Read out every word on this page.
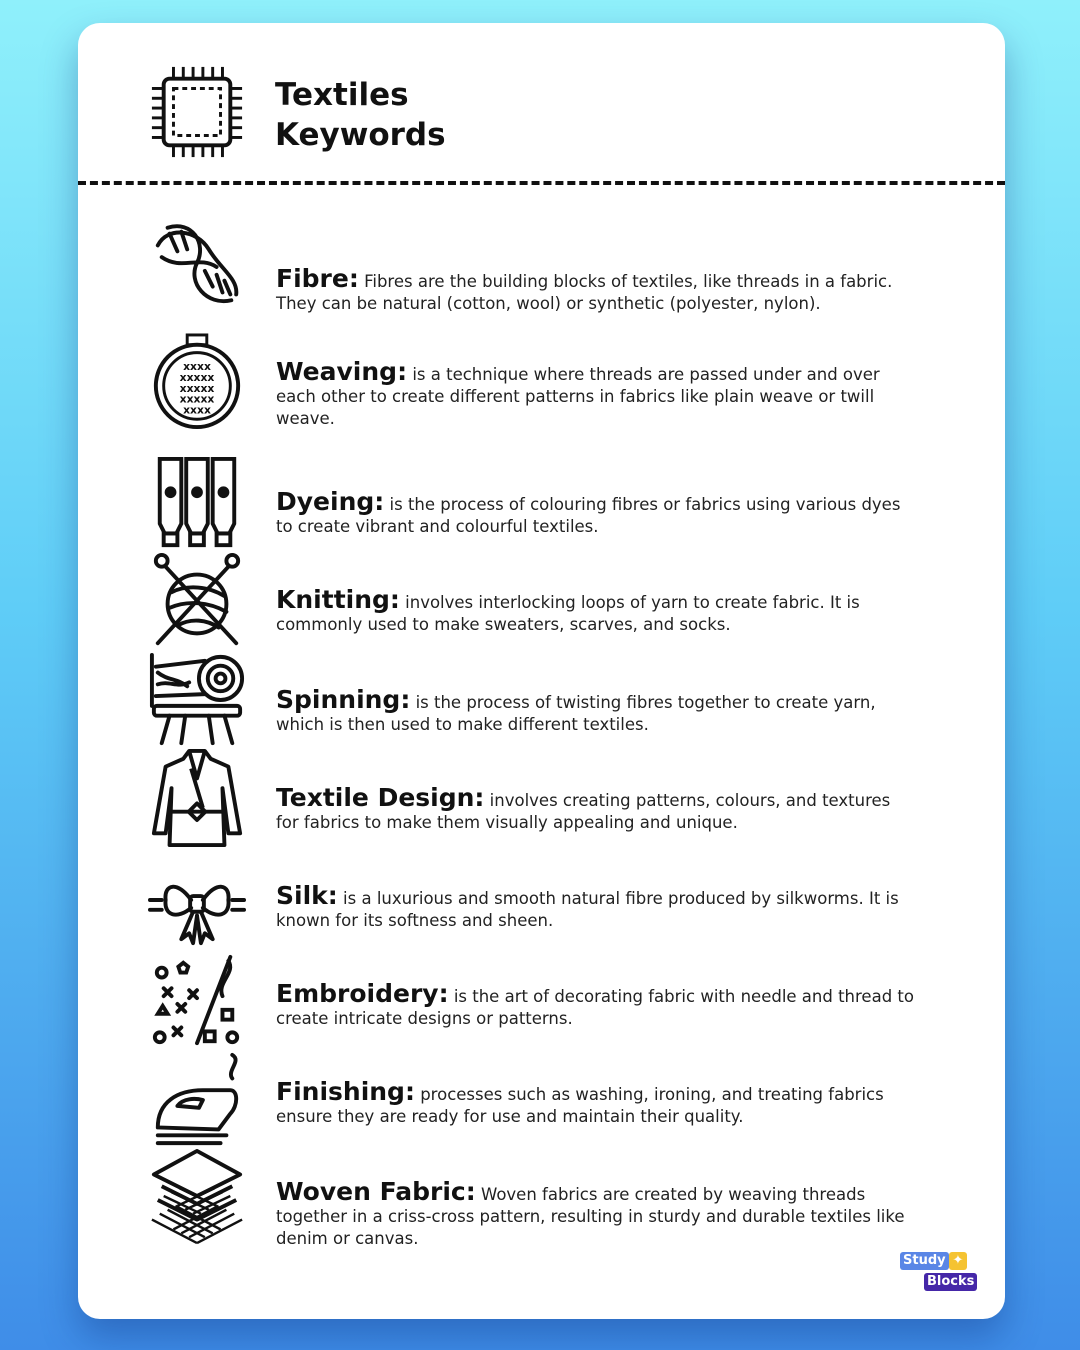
Textiles
Keywords

Fibre: Fibres are the building blocks of textiles, like threads in a fabric. They can be natural (cotton, wool) or synthetic (polyester, nylon).

xxxx
xxxxx
xxxxx
xxxxx
xxxx

Weaving: is a technique where threads are passed under and over each other to create different patterns in fabrics like plain weave or twill weave.

Dyeing: is the process of colouring fibres or fabrics using various dyes to create vibrant and colourful textiles.

Knitting: involves interlocking loops of yarn to create fabric. It is commonly used to make sweaters, scarves, and socks.

Spinning: is the process of twisting fibres together to create yarn, which is then used to make different textiles.

Textile Design: involves creating patterns, colours, and textures for fabrics to make them visually appealing and unique.

Silk: is a luxurious and smooth natural fibre produced by silkworms. It is known for its softness and sheen.

Embroidery: is the art of decorating fabric with needle and thread to create intricate designs or patterns.

Finishing: processes such as washing, ironing, and treating fabrics ensure they are ready for use and maintain their quality.

Woven Fabric: Woven fabrics are created by weaving threads together in a criss-cross pattern, resulting in sturdy and durable textiles like denim or canvas.

Study ✦
Blocks
